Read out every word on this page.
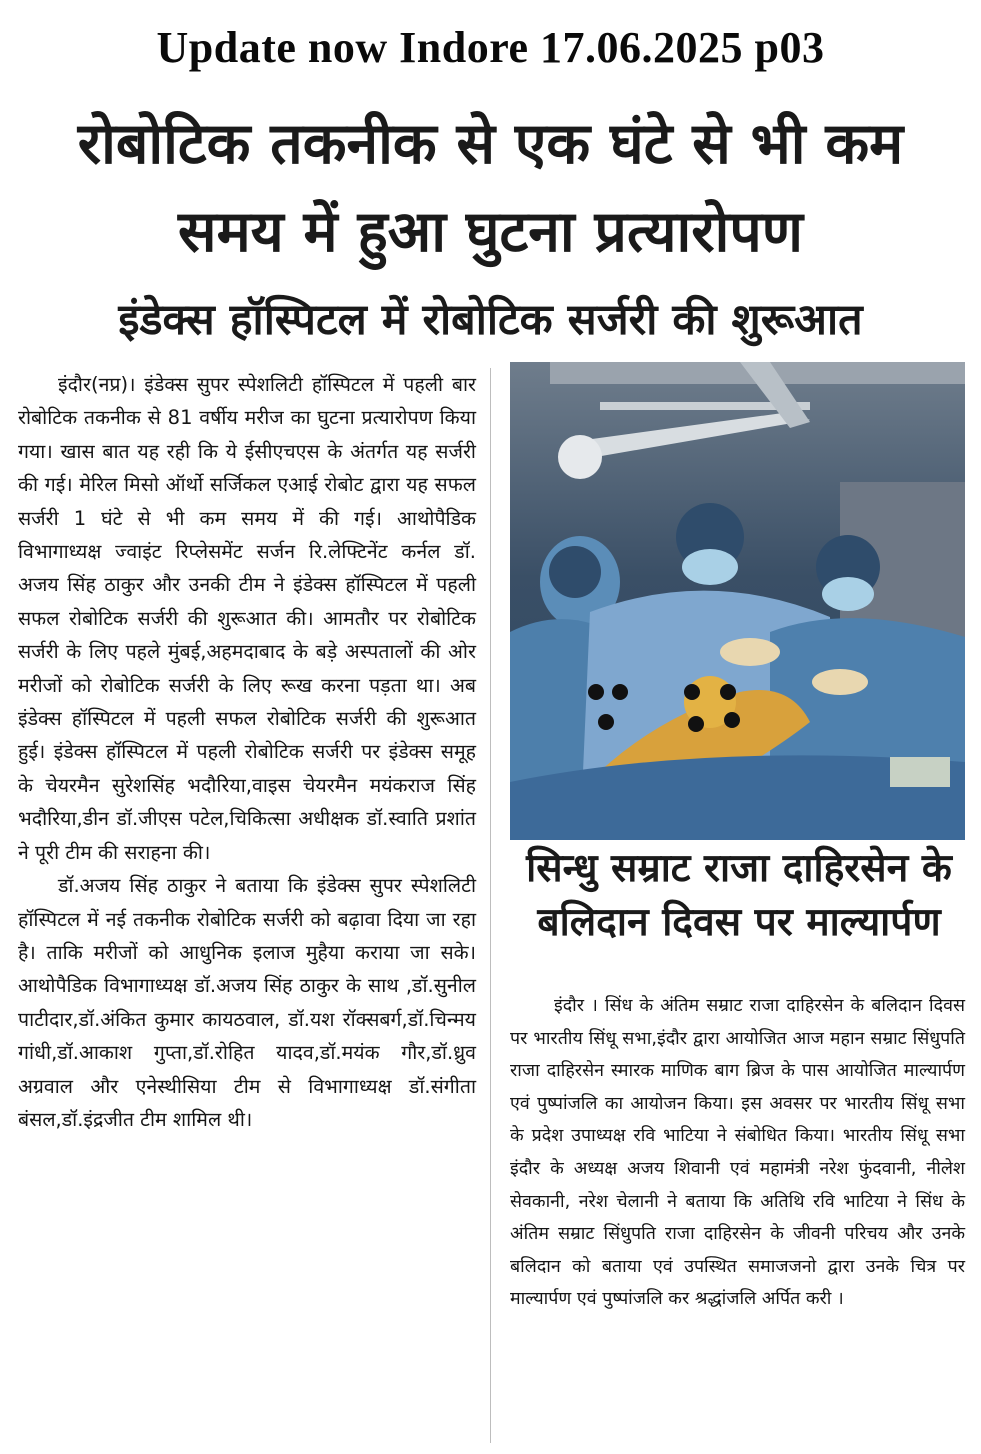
Update now Indore 17.06.2025 p03
रोबोटिक तकनीक से एक घंटे से भी कम समय में हुआ घुटना प्रत्यारोपण
इंडेक्स हॉस्पिटल में रोबोटिक सर्जरी की शुरूआत

इंदौर(नप्र)। इंडेक्स सुपर स्पेशलिटी हॉस्पिटल में पहली बार रोबोटिक तकनीक से 81 वर्षीय मरीज का घुटना प्रत्यारोपण किया गया। खास बात यह रही कि ये ईसीएचएस के अंतर्गत यह सर्जरी की गई। मेरिल मिसो ऑर्थो सर्जिकल एआई रोबोट द्वारा यह सफल सर्जरी 1 घंटे से भी कम समय में की गई। आथोपैडिक विभागाध्यक्ष ज्वाइंट रिप्लेसमेंट सर्जन रि.लेफ्टिनेंट कर्नल डॉ. अजय सिंह ठाकुर और उनकी टीम ने इंडेक्स हॉस्पिटल में पहली सफल रोबोटिक सर्जरी की शुरूआत की। आमतौर पर रोबोटिक सर्जरी के लिए पहले मुंबई,अहमदाबाद के बड़े अस्पतालों की ओर मरीजों को रोबोटिक सर्जरी के लिए रूख करना पड़ता था। अब इंडेक्स हॉस्पिटल में पहली सफल रोबोटिक सर्जरी की शुरूआत हुई। इंडेक्स हॉस्पिटल में पहली रोबोटिक सर्जरी पर इंडेक्स समूह के चेयरमैन सुरेशसिंह भदौरिया,वाइस चेयरमैन मयंकराज सिंह भदौरिया,डीन डॉ.जीएस पटेल,चिकित्सा अधीक्षक डॉ.स्वाति प्रशांत ने पूरी टीम की सराहना की।

डॉ.अजय सिंह ठाकुर ने बताया कि इंडेक्स सुपर स्पेशलिटी हॉस्पिटल में नई तकनीक रोबोटिक सर्जरी को बढ़ावा दिया जा रहा है। ताकि मरीजों को आधुनिक इलाज मुहैया कराया जा सके। आथोपैडिक विभागाध्यक्ष डॉ.अजय सिंह ठाकुर के साथ ,डॉ.सुनील पाटीदार,डॉ.अंकित कुमार कायठवाल, डॉ.यश रॉक्सबर्ग,डॉ.चिन्मय गांधी,डॉ.आकाश गुप्ता,डॉ.रोहित यादव,डॉ.मयंक गौर,डॉ.ध्रुव अग्रवाल और एनेस्थीसिया टीम से विभागाध्यक्ष डॉ.संगीता बंसल,डॉ.इंद्रजीत टीम शामिल थी।

सिन्धु सम्राट राजा दाहिरसेन के बलिदान दिवस पर माल्यार्पण

इंदौर । सिंध के अंतिम सम्राट राजा दाहिरसेन के बलिदान दिवस पर भारतीय सिंधू सभा,इंदौर द्वारा आयोजित आज महान सम्राट सिंधुपति राजा दाहिरसेन स्मारक माणिक बाग ब्रिज के पास आयोजित माल्यार्पण एवं पुष्पांजलि का आयोजन किया। इस अवसर पर भारतीय सिंधू सभा के प्रदेश उपाध्यक्ष रवि भाटिया ने संबोधित किया। भारतीय सिंधू सभा इंदौर के अध्यक्ष अजय शिवानी एवं महामंत्री नरेश फुंदवानी, नीलेश सेवकानी, नरेश चेलानी ने बताया कि अतिथि रवि भाटिया ने सिंध के अंतिम सम्राट सिंधुपति राजा दाहिरसेन के जीवनी परिचय और उनके बलिदान को बताया एवं उपस्थित समाजजनो द्वारा उनके चित्र पर माल्यार्पण एवं पुष्पांजलि कर श्रद्धांजलि अर्पित करी ।
